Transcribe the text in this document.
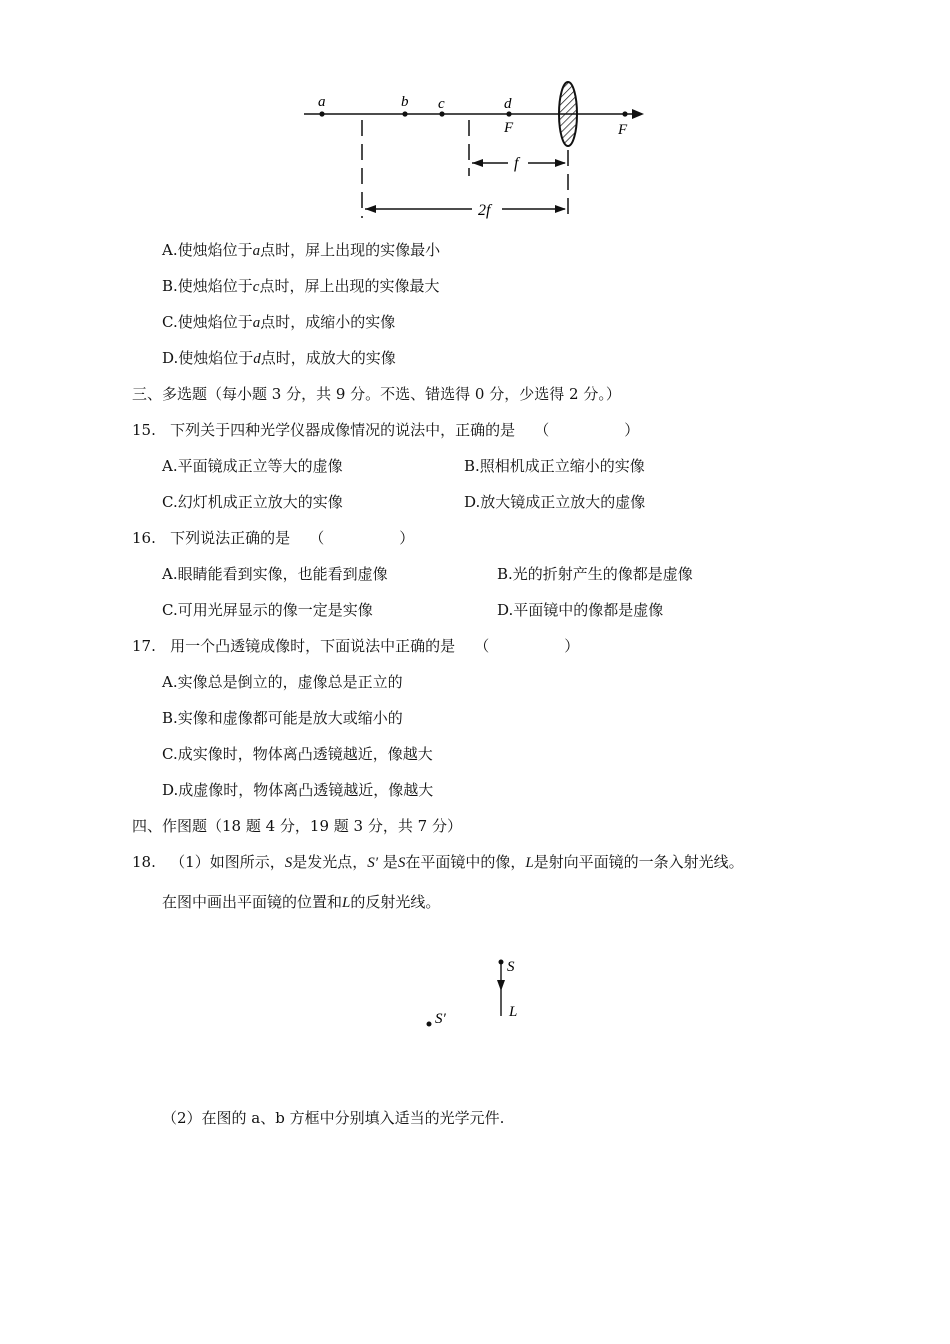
a	b c	d
F	F
f
2f
A.使烛焰位于a点时，屏上出现的实像最小
B.使烛焰位于c点时，屏上出现的实像最大
C.使烛焰位于a点时，成缩小的实像
D.使烛焰位于d点时，成放大的实像
三、多选题（每小题 3 分，共 9 分。不选、错选得 0 分，少选得 2 分。）
15. 下列关于四种光学仪器成像情况的说法中，正确的是 （　　　　　）
A.平面镜成正立等大的虚像	B.照相机成正立缩小的实像
C.幻灯机成正立放大的实像	D.放大镜成正立放大的虚像
16. 下列说法正确的是 （　　　　　）
A.眼睛能看到实像，也能看到虚像	B.光的折射产生的像都是虚像
C.可用光屏显示的像一定是实像	D.平面镜中的像都是虚像
17. 用一个凸透镜成像时，下面说法中正确的是 （　　　　　）
A.实像总是倒立的，虚像总是正立的
B.实像和虚像都可能是放大或缩小的
C.成实像时，物体离凸透镜越近，像越大
D.成虚像时，物体离凸透镜越近，像越大
四、作图题（18 题 4 分，19 题 3 分，共 7 分）
18. （1）如图所示，S是发光点，S′ 是S在平面镜中的像，L是射向平面镜的一条入射光线。
在图中画出平面镜的位置和L的反射光线。
S
L
S′
（2）在图的 a、b 方框中分别填入适当的光学元件.
